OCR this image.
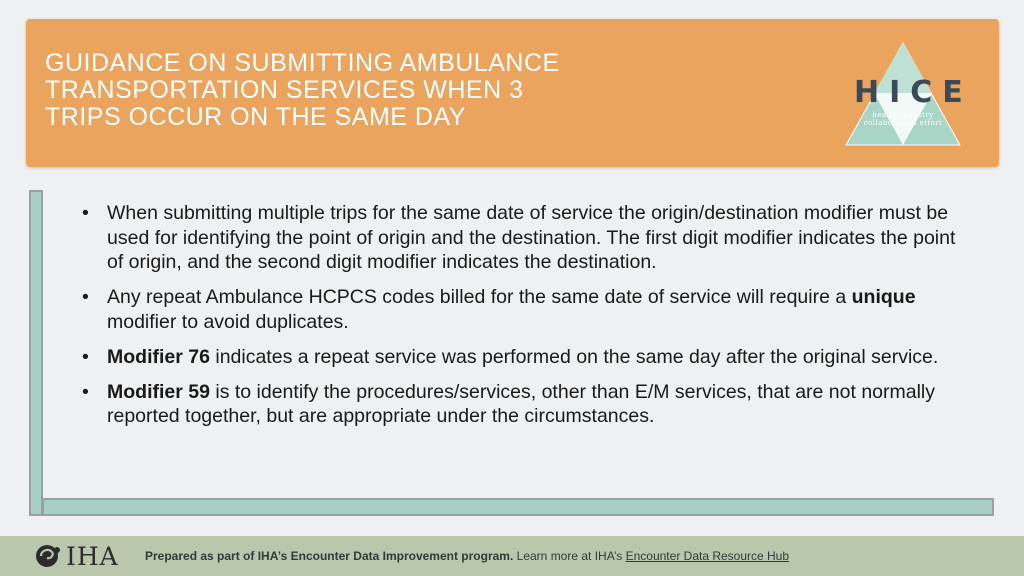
GUIDANCE ON SUBMITTING AMBULANCE
TRANSPORTATION SERVICES WHEN 3
TRIPS OCCUR ON THE SAME DAY
HICE
health industry
collaboration effort
• When submitting multiple trips for the same date of service the origin/destination modifier must be used for identifying the point of origin and the destination. The first digit modifier indicates the point of origin, and the second digit modifier indicates the destination.
• Any repeat Ambulance HCPCS codes billed for the same date of service will require a unique modifier to avoid duplicates.
• Modifier 76 indicates a repeat service was performed on the same day after the original service.
• Modifier 59 is to identify the procedures/services, other than E/M services, that are not normally reported together, but are appropriate under the circumstances.
IHA Prepared as part of IHA’s Encounter Data Improvement program. Learn more at IHA’s Encounter Data Resource Hub
